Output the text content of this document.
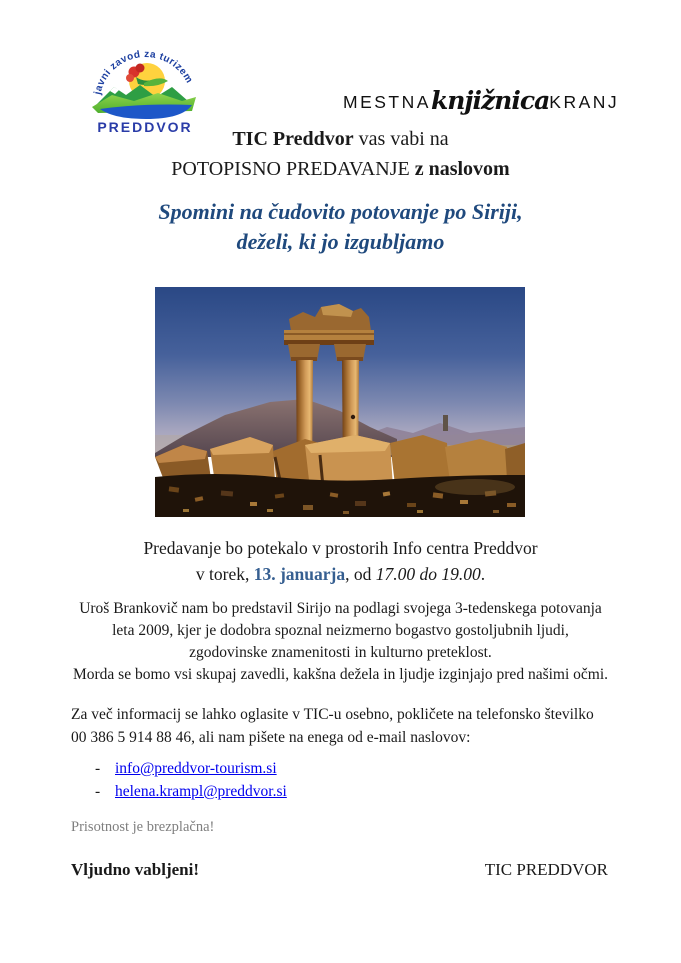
javni zavod za turizem
PREDDVOR
MESTNA knjižnica KRANJ
TIC Preddvor vas vabi na
POTOPISNO PREDAVANJE z naslovom
Spomini na čudovito potovanje po Siriji,
deželi, ki jo izgubljamo
Predavanje bo potekalo v prostorih Info centra Preddvor
v torek, 13. januarja, od 17.00 do 19.00.
Uroš Brankovič nam bo predstavil Sirijo na podlagi svojega 3-tedenskega potovanja
leta 2009, kjer je dodobra spoznal neizmerno bogastvo gostoljubnih ljudi,
zgodovinske znamenitosti in kulturno preteklost.
Morda se bomo vsi skupaj zavedli, kakšna dežela in ljudje izginjajo pred našimi očmi.
Za več informacij se lahko oglasite v TIC-u osebno, pokličete na telefonsko številko
00 386 5 914 88 46, ali nam pišete na enega od e-mail naslovov:
- info@preddvor-tourism.si
- helena.krampl@preddvor.si
Prisotnost je brezplačna!
Vljudno vabljeni!	TIC PREDDVOR
